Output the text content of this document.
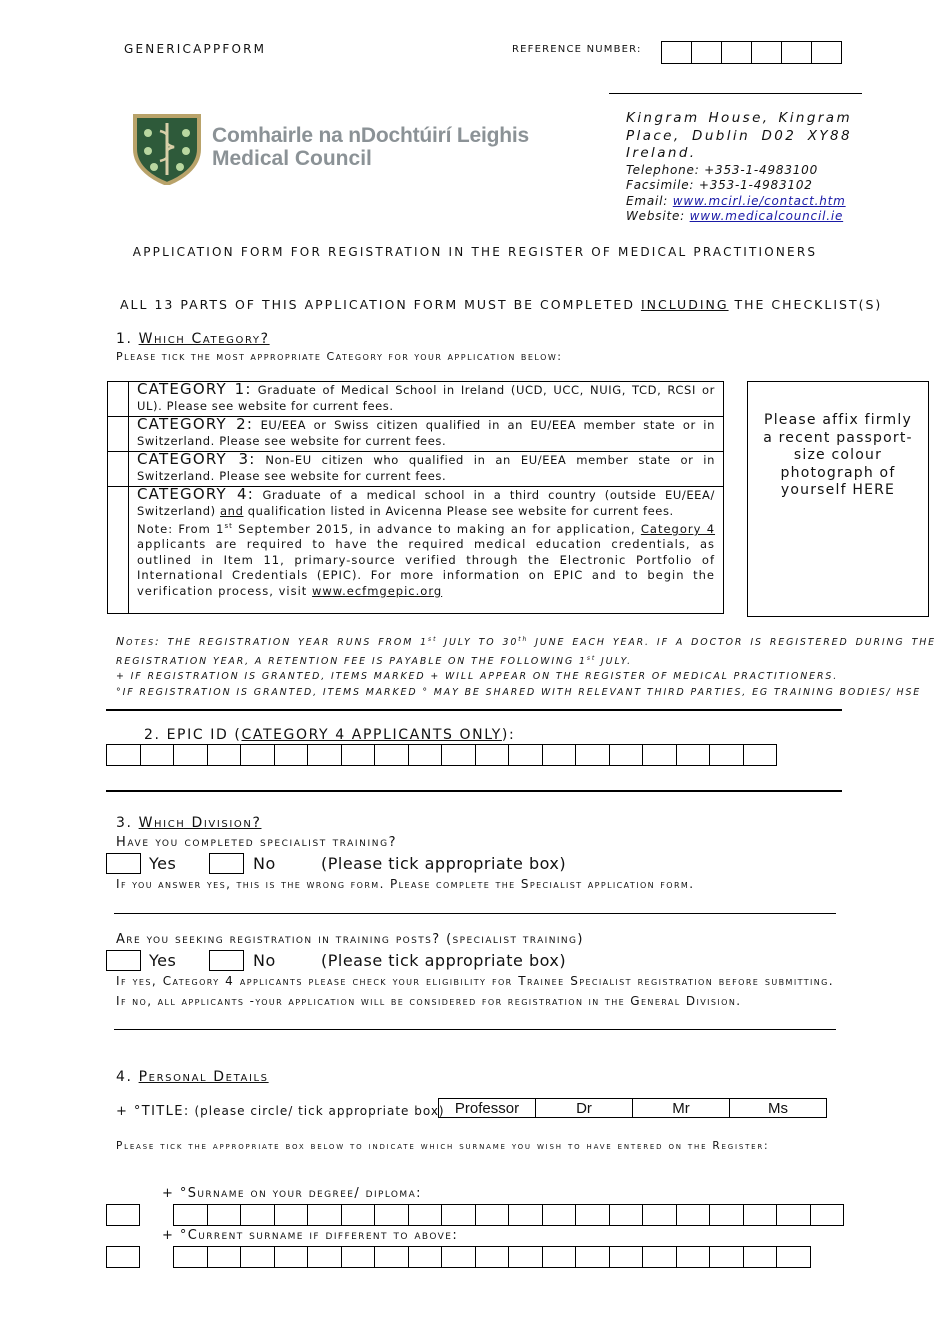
GENERICAPPFORM	REFERENCE NUMBER:
Comhairle na nDochtúirí Leighis
Medical Council
Kingram House, Kingram
Place, Dublin D02 XY88
Ireland.
Telephone: +353-1-4983100
Facsimile: +353-1-4983102
Email: www.mcirl.ie/contact.htm
Website: www.medicalcouncil.ie
APPLICATION FORM FOR REGISTRATION IN THE REGISTER OF MEDICAL PRACTITIONERS
ALL 13 PARTS OF THIS APPLICATION FORM MUST BE COMPLETED INCLUDING THE CHECKLIST(S)
1. Which Category?
Please tick the most appropriate Category for your application below:
	CATEGORY 1: Graduate of Medical School in Ireland (UCD, UCC, NUIG, TCD, RCSI or UL). Please see website for current fees.
	CATEGORY 2: EU/EEA or Swiss citizen qualified in an EU/EEA member state or in Switzerland. Please see website for current fees.
	CATEGORY 3: Non-EU citizen who qualified in an EU/EEA member state or in Switzerland. Please see website for current fees.

	CATEGORY 4: Graduate of a medical school in a third country (outside EU/EEA/ Switzerland) and qualification listed in Avicenna Please see website for current fees.
Note: From 1st September 2015, in advance to making an for application, Category 4 applicants are required to have the required medical education credentials, as outlined in Item 11, primary-source verified through the Electronic Portfolio of International Credentials (EPIC). For more information on EPIC and to begin the verification process, visit www.ecfmgepic.org
Please affix firmly a recent passport-size colour photograph of yourself HERE
Notes: THE REGISTRATION YEAR RUNS FROM 1st JULY TO 30th JUNE EACH YEAR. IF A DOCTOR IS REGISTERED DURING THE REGISTRATION YEAR, A RETENTION FEE IS PAYABLE ON THE FOLLOWING 1st JULY.
+ IF REGISTRATION IS GRANTED, ITEMS MARKED + WILL APPEAR ON THE REGISTER OF MEDICAL PRACTITIONERS.
°IF REGISTRATION IS GRANTED, ITEMS MARKED ° MAY BE SHARED WITH RELEVANT THIRD PARTIES, EG TRAINING BODIES/ HSE
2. EPIC ID (CATEGORY 4 APPLICANTS ONLY):
3. Which Division?
Have you completed specialist training?
Yes	No	(Please tick appropriate box)
If you answer yes, this is the wrong form. Please complete the Specialist application form.
Are you seeking registration in training posts? (specialist training)
Yes	No	(Please tick appropriate box)
If yes, Category 4 applicants please check your eligibility for Trainee Specialist registration before submitting. If no, all applicants -your application will be considered for registration in the General Division.
4. Personal Details
+ °TITLE: (please circle/ tick appropriate box) Professor	Dr	Mr	Ms
Please tick the appropriate box below to indicate which surname you wish to have entered on the Register:
+ °Surname on your degree/ diploma:
+ °Current surname if different to above:
